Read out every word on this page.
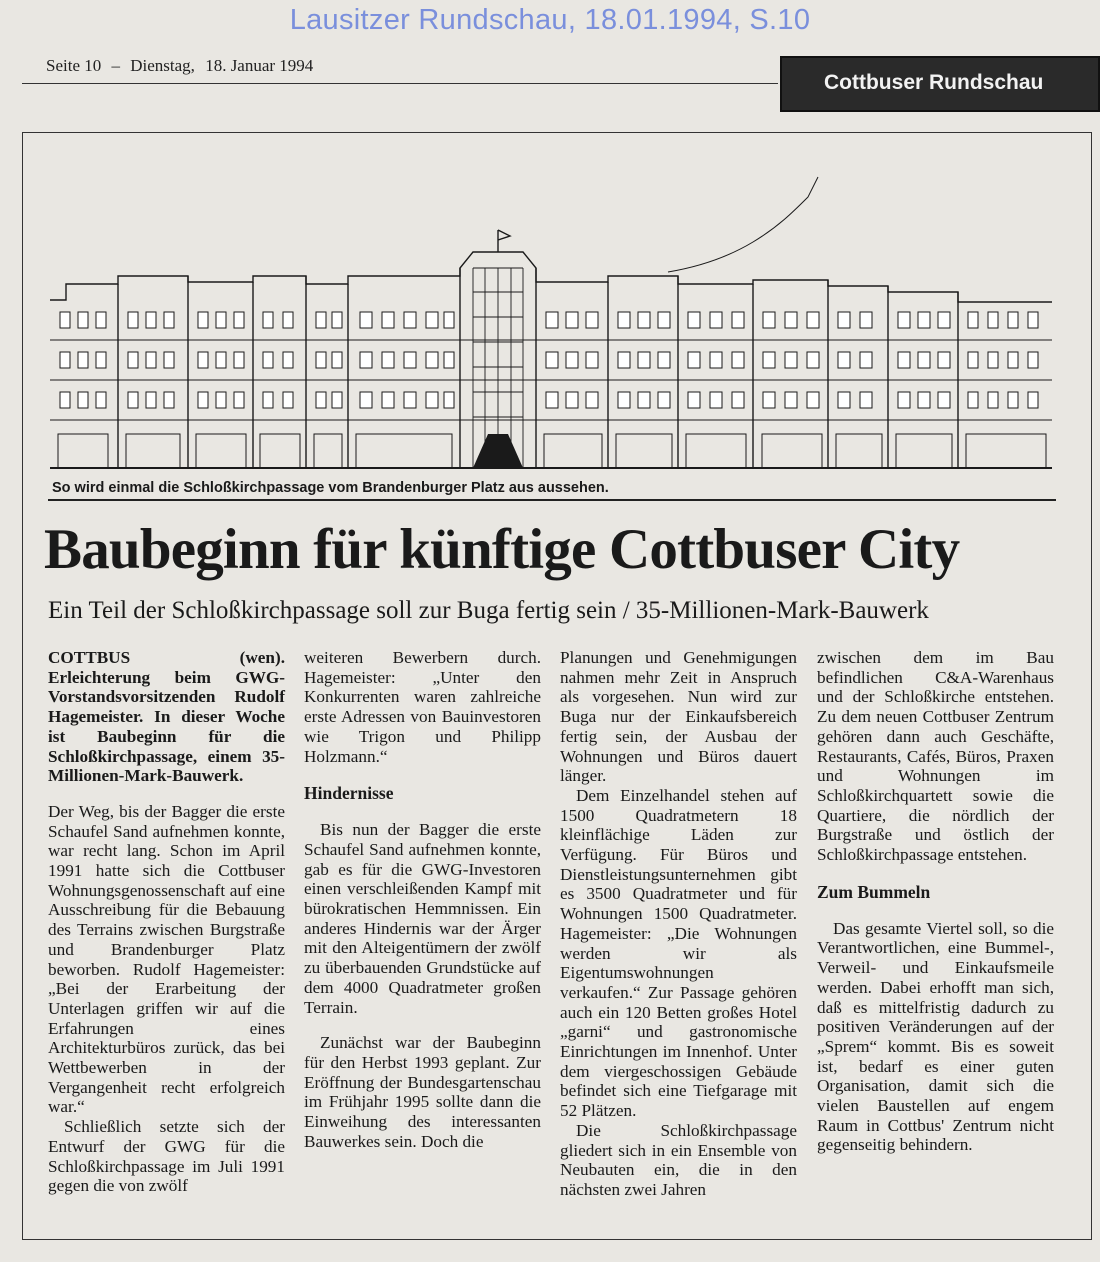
Lausitzer Rundschau, 18.01.1994, S.10
Seite 10 – Dienstag, 18. Januar 1994
Cottbuser Rundschau
So wird einmal die Schloßkirchpassage vom Brandenburger Platz aus aussehen.
Baubeginn für künftige Cottbuser City
Ein Teil der Schloßkirchpassage soll zur Buga fertig sein / 35-Millionen-Mark-Bauwerk

COTTBUS (wen). Erleichterung beim GWG-Vorstandsvorsitzenden Rudolf Hagemeister. In dieser Woche ist Baubeginn für die Schloßkirchpassage, einem 35-Millionen-Mark-Bauwerk.

Der Weg, bis der Bagger die erste Schaufel Sand aufnehmen konnte, war recht lang. Schon im April 1991 hatte sich die Cottbuser Wohnungsgenossenschaft auf eine Ausschreibung für die Bebauung des Terrains zwischen Burgstraße und Brandenburger Platz beworben. Rudolf Hagemeister: „Bei der Erarbeitung der Unterlagen griffen wir auf die Erfahrungen eines Architekturbüros zurück, das bei Wettbewerben in der Vergangenheit recht erfolgreich war.“

Schließlich setzte sich der Entwurf der GWG für die Schloßkirchpassage im Juli 1991 gegen die von zwölf

weiteren Bewerbern durch. Hagemeister: „Unter den Konkurrenten waren zahlreiche erste Adressen von Bauinvestoren wie Trigon und Philipp Holzmann.“

Hindernisse

Bis nun der Bagger die erste Schaufel Sand aufnehmen konnte, gab es für die GWG-Investoren einen verschleißenden Kampf mit bürokratischen Hemmnissen. Ein anderes Hindernis war der Ärger mit den Alteigentümern der zwölf zu überbauenden Grundstücke auf dem 4000 Quadratmeter großen Terrain.

Zunächst war der Baubeginn für den Herbst 1993 geplant. Zur Eröffnung der Bundesgartenschau im Frühjahr 1995 sollte dann die Einweihung des interessanten Bauwerkes sein. Doch die

Planungen und Genehmigungen nahmen mehr Zeit in Anspruch als vorgesehen. Nun wird zur Buga nur der Einkaufsbereich fertig sein, der Ausbau der Wohnungen und Büros dauert länger.

Dem Einzelhandel stehen auf 1500 Quadratmetern 18 kleinflächige Läden zur Verfügung. Für Büros und Dienstleistungsunternehmen gibt es 3500 Quadratmeter und für Wohnungen 1500 Quadratmeter. Hagemeister: „Die Wohnungen werden wir als Eigentumswohnungen verkaufen.“ Zur Passage gehören auch ein 120 Betten großes Hotel „garni“ und gastronomische Einrichtungen im Innenhof. Unter dem viergeschossigen Gebäude befindet sich eine Tiefgarage mit 52 Plätzen.

Die Schloßkirchpassage gliedert sich in ein Ensemble von Neubauten ein, die in den nächsten zwei Jahren

zwischen dem im Bau befindlichen C&A-Warenhaus und der Schloßkirche entstehen. Zu dem neuen Cottbuser Zentrum gehören dann auch Geschäfte, Restaurants, Cafés, Büros, Praxen und Wohnungen im Schloßkirchquartett sowie die Quartiere, die nördlich der Burgstraße und östlich der Schloßkirchpassage entstehen.

Zum Bummeln

Das gesamte Viertel soll, so die Verantwortlichen, eine Bummel-, Verweil- und Einkaufsmeile werden. Dabei erhofft man sich, daß es mittelfristig dadurch zu positiven Veränderungen auf der „Sprem“ kommt. Bis es soweit ist, bedarf es einer guten Organisation, damit sich die vielen Baustellen auf engem Raum in Cottbus' Zentrum nicht gegenseitig behindern.
